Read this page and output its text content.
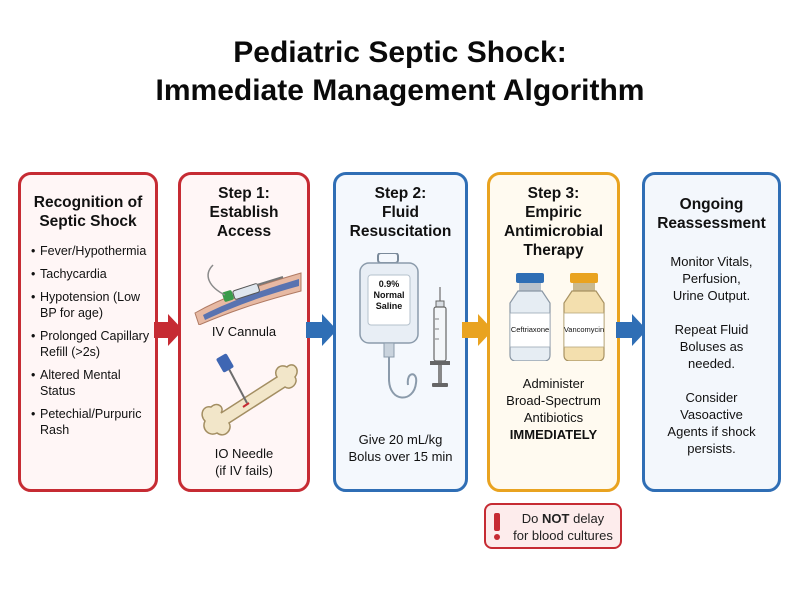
Pediatric Septic Shock:
Immediate Management Algorithm
Recognition of
Septic Shock
• Fever/Hypothermia
• Tachycardia
• Hypotension (Low BP for age)
• Prolonged Capillary Refill (>2s)
• Altered Mental Status
• Petechial/Purpuric Rash
Step 1:
Establish
Access
IV Cannula
IO Needle
(if IV fails)
Step 2:
Fluid
Resuscitation
0.9%
Normal
Saline
Give 20 mL/kg
Bolus over 15 min
Step 3:
Empiric
Antimicrobial
Therapy
Ceftriaxone	Vancomycin
Administer
Broad-Spectrum
Antibiotics
IMMEDIATELY
Ongoing
Reassessment
Monitor Vitals,
Perfusion,
Urine Output.
Repeat Fluid
Boluses as
needed.
Consider
Vasoactive
Agents if shock
persists.
Do NOT delay
for blood cultures
